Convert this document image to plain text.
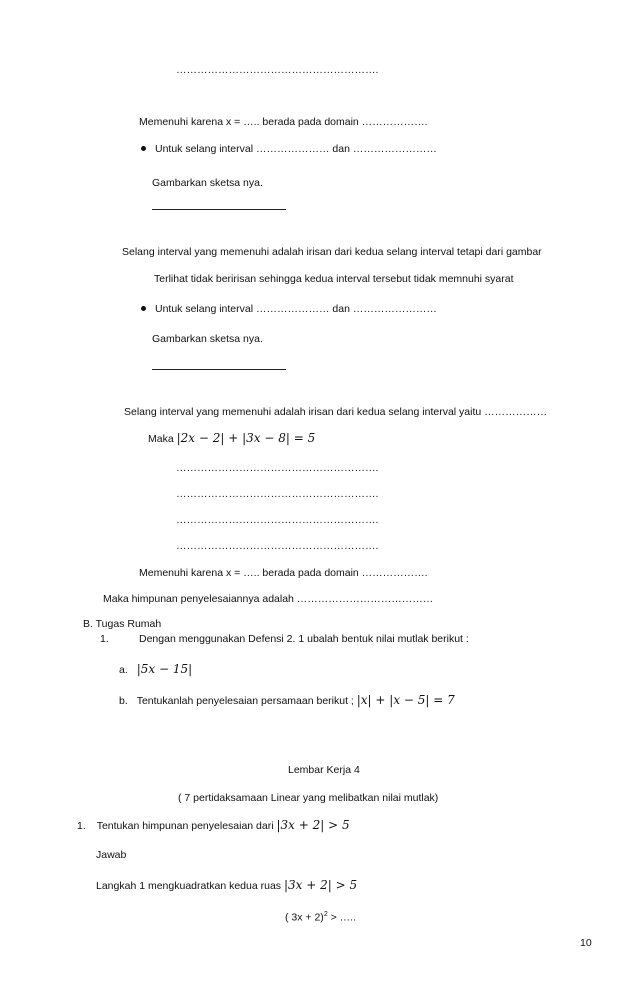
………………………………………………….
Memenuhi karena x = ….. berada pada domain ……………….
Untuk selang interval ………………… dan ……………………
Gambarkan sketsa nya.
Selang interval yang memenuhi adalah irisan dari kedua selang interval tetapi dari gambar
Terlihat tidak beririsan sehingga kedua interval tersebut tidak memnuhi syarat
Untuk selang interval ………………… dan ……………………
Gambarkan sketsa nya.
Selang interval yang memenuhi adalah irisan dari kedua selang interval yaitu ………………
Maka |2x − 2| + |3x − 8| = 5
………………………………………………….
………………………………………………….
………………………………………………….
………………………………………………….
Memenuhi karena x = ….. berada pada domain ……………….
Maka himpunan penyelesaiannya adalah …………………………………
B. Tugas Rumah
1.	Dengan menggunakan Defensi 2. 1 ubalah bentuk nilai mutlak berikut :
a. |5x − 15|
b. Tentukanlah penyelesaian persamaan berikut ; |x| + |x − 5| = 7
Lembar Kerja 4
( 7 pertidaksamaan Linear yang melibatkan nilai mutlak)
1. Tentukan himpunan penyelesaian dari |3x + 2| > 5
Jawab
Langkah 1 mengkuadratkan kedua ruas |3x + 2| > 5
( 3x + 2)$^2$ > …..
10
